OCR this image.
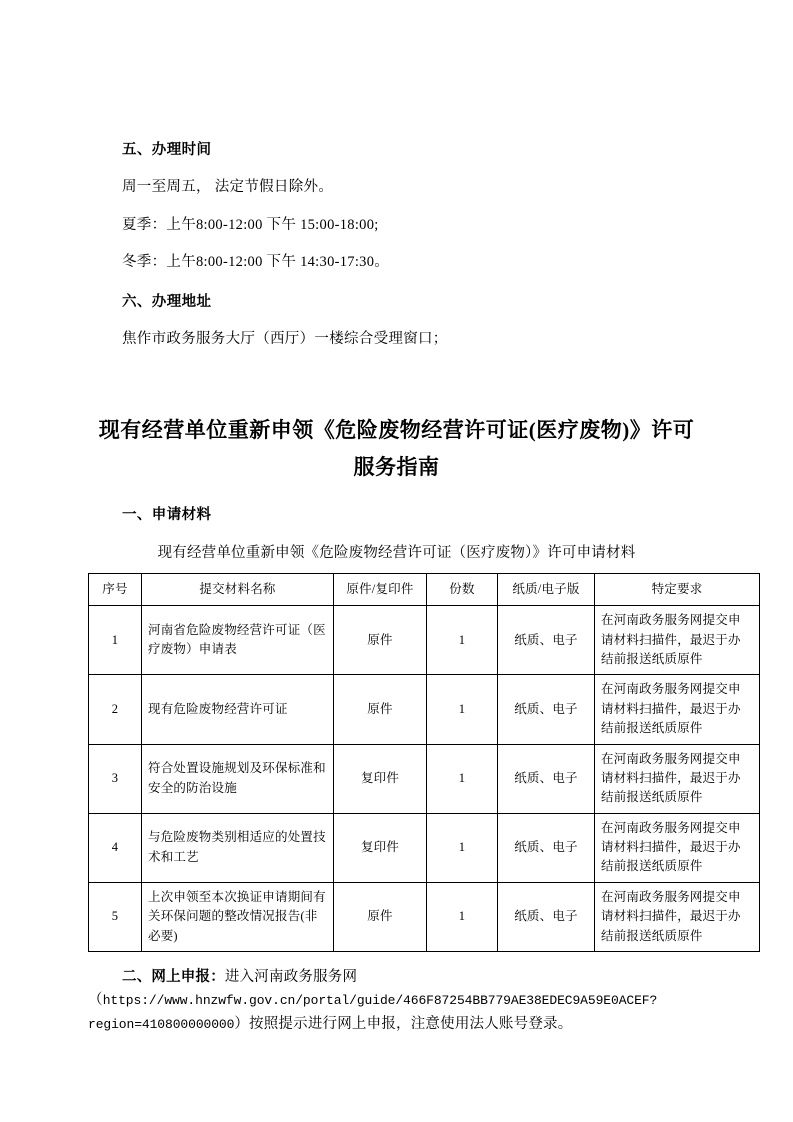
五、办理时间

周一至周五， 法定节假日除外。

夏季：上午8:00-12:00 下午 15:00-18:00;

冬季：上午8:00-12:00 下午 14:30-17:30。

六、办理地址

焦作市政务服务大厅（西厅）一楼综合受理窗口；

现有经营单位重新申领《危险废物经营许可证(医疗废物)》许可

服务指南

一、申请材料

现有经营单位重新申领《危险废物经营许可证（医疗废物）》许可申请材料

序号	提交材料名称	原件/复印件	份数	纸质/电子版	特定要求
1	河南省危险废物经营许可证（医疗废物）申请表	原件	1	纸质、电子	在河南政务服务网提交申请材料扫描件，最迟于办结前报送纸质原件
2	现有危险废物经营许可证	原件	1	纸质、电子	在河南政务服务网提交申请材料扫描件，最迟于办结前报送纸质原件
3	符合处置设施规划及环保标准和安全的防治设施	复印件	1	纸质、电子	在河南政务服务网提交申请材料扫描件，最迟于办结前报送纸质原件
4	与危险废物类别相适应的处置技术和工艺	复印件	1	纸质、电子	在河南政务服务网提交申请材料扫描件，最迟于办结前报送纸质原件
5	上次申领至本次换证申请期间有关环保问题的整改情况报告(非必要)	原件	1	纸质、电子	在河南政务服务网提交申请材料扫描件，最迟于办结前报送纸质原件

二、网上申报：进入河南政务服务网（https://www.hnzwfw.gov.cn/portal/guide/466F87254BB779AE38EDEC9A59E0ACEF?region=410800000000）按照提示进行网上申报，注意使用法人账号登录。
